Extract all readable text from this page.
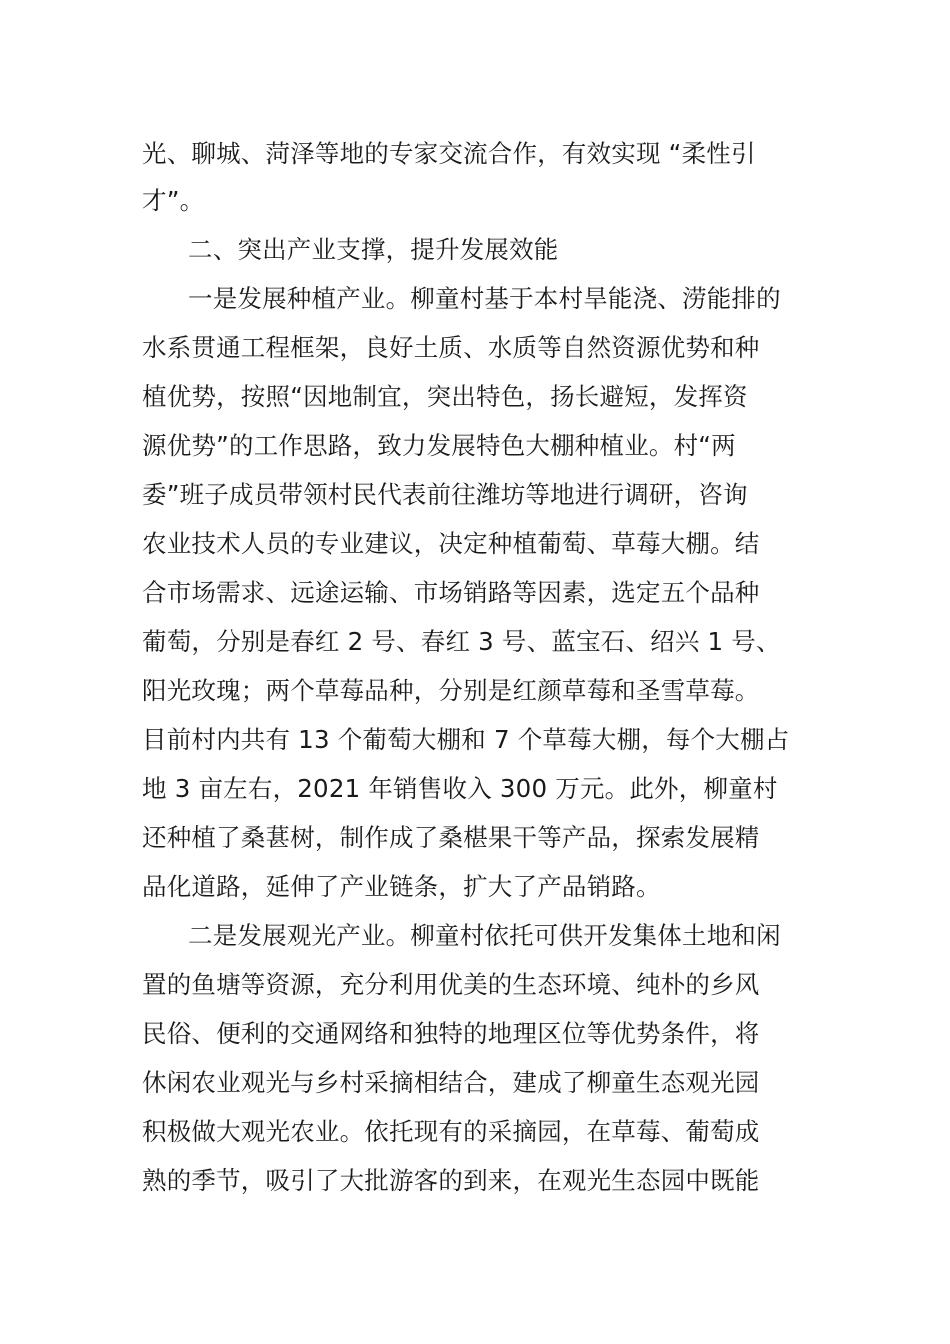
光、聊城、菏泽等地的专家交流合作，有效实现 “柔性引
才”。
二、突出产业支撑，提升发展效能
一是发展种植产业。柳童村基于本村旱能浇、涝能排的
水系贯通工程框架，良好土质、水质等自然资源优势和种
植优势，按照“因地制宜，突出特色，扬长避短，发挥资
源优势”的工作思路，致力发展特色大棚种植业。村“两
委”班子成员带领村民代表前往潍坊等地进行调研，咨询
农业技术人员的专业建议，决定种植葡萄、草莓大棚。结
合市场需求、远途运输、市场销路等因素，选定五个品种
葡萄，分别是春红 2 号、春红 3 号、蓝宝石、绍兴 1 号、
阳光玫瑰；两个草莓品种，分别是红颜草莓和圣雪草莓。
目前村内共有 13 个葡萄大棚和 7 个草莓大棚，每个大棚占
地 3 亩左右，2021 年销售收入 300 万元。此外，柳童村
还种植了桑葚树，制作成了桑椹果干等产品，探索发展精
品化道路，延伸了产业链条，扩大了产品销路。
二是发展观光产业。柳童村依托可供开发集体土地和闲
置的鱼塘等资源，充分利用优美的生态环境、纯朴的乡风
民俗、便利的交通网络和独特的地理区位等优势条件，将
休闲农业观光与乡村采摘相结合，建成了柳童生态观光园
积极做大观光农业。依托现有的采摘园，在草莓、葡萄成
熟的季节，吸引了大批游客的到来，在观光生态园中既能
